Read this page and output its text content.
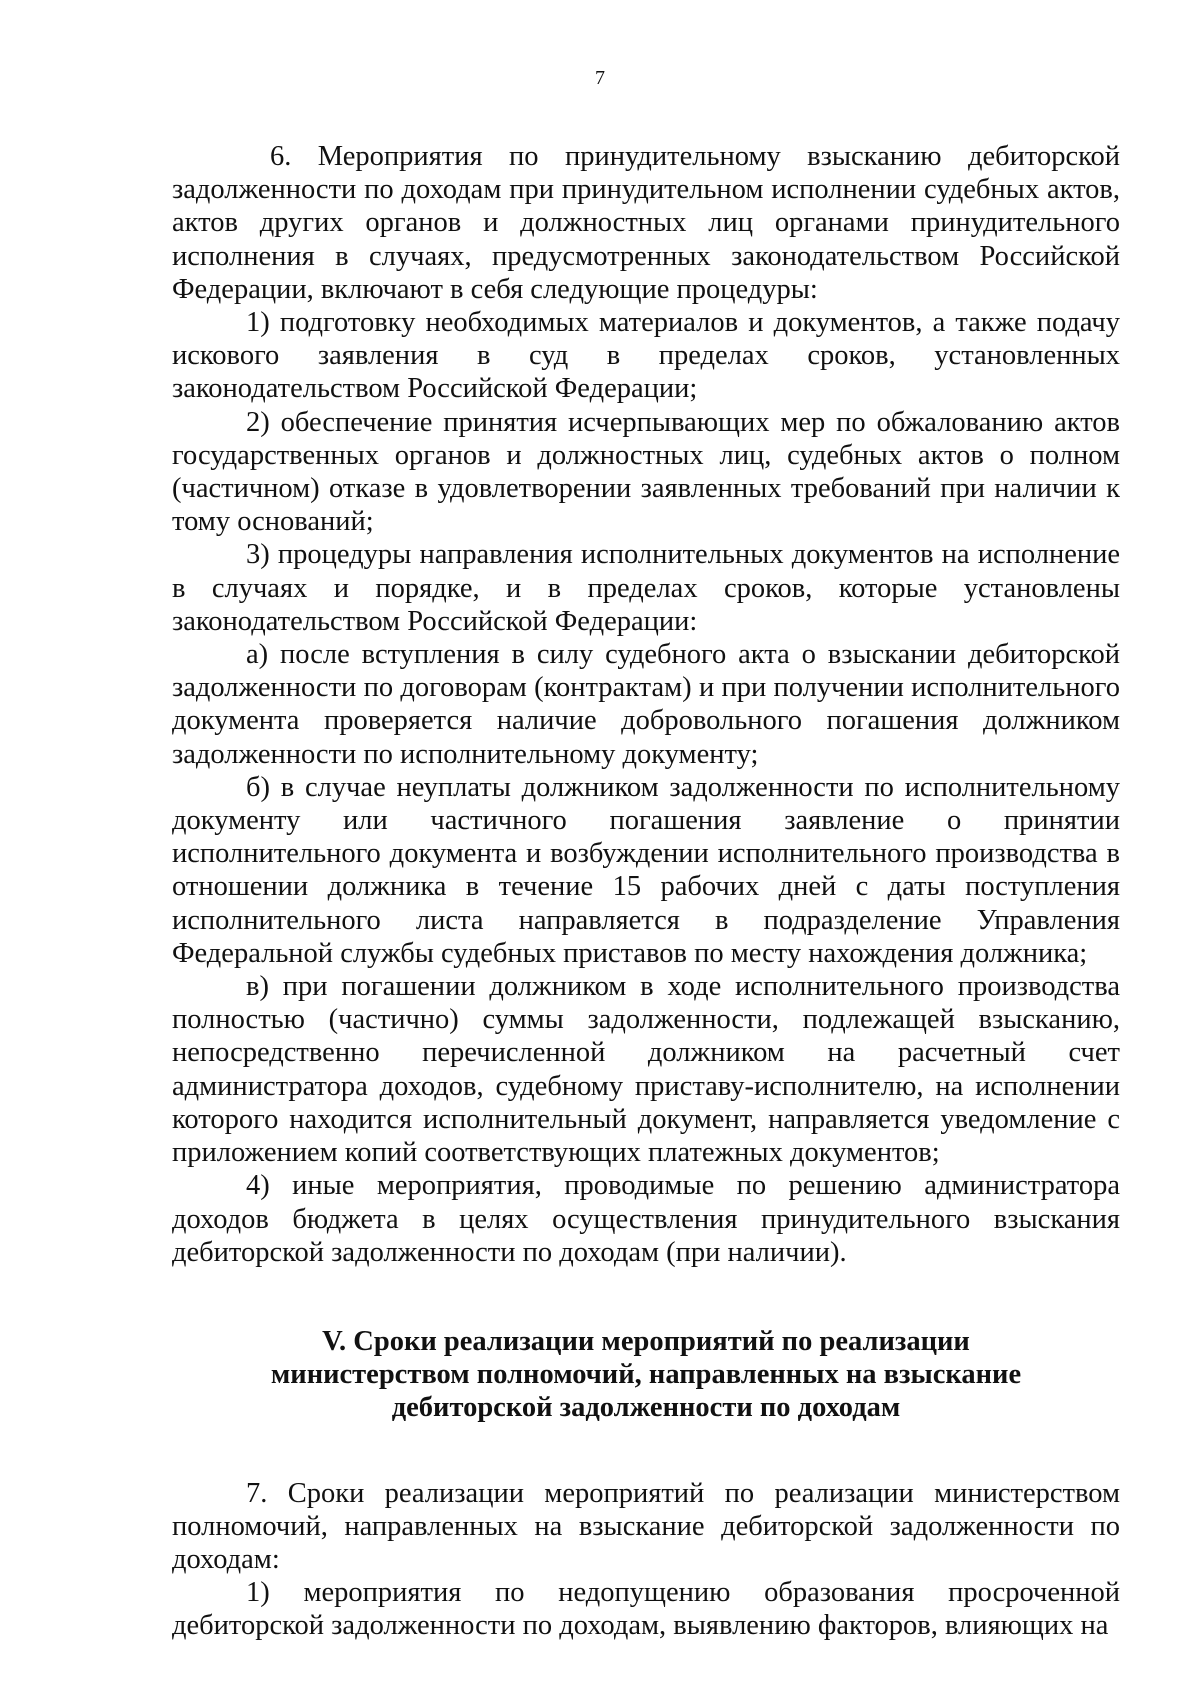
7

6. Мероприятия по принудительному взысканию дебиторской задолженности по доходам при принудительном исполнении судебных актов, актов других органов и должностных лиц органами принудительного исполнения в случаях, предусмотренных законодательством Российской Федерации, включают в себя следующие процедуры:

1) подготовку необходимых материалов и документов, а также подачу искового заявления в суд в пределах сроков, установленных законодательством Российской Федерации;

2) обеспечение принятия исчерпывающих мер по обжалованию актов государственных органов и должностных лиц, судебных актов о полном (частичном) отказе в удовлетворении заявленных требований при наличии к тому оснований;

3) процедуры направления исполнительных документов на исполнение в случаях и порядке, и в пределах сроков, которые установлены законодательством Российской Федерации:

а) после вступления в силу судебного акта о взыскании дебиторской задолженности по договорам (контрактам) и при получении исполнительного документа проверяется наличие добровольного погашения должником задолженности по исполнительному документу;

б) в случае неуплаты должником задолженности по исполнительному документу или частичного погашения заявление о принятии исполнительного документа и возбуждении исполнительного производства в отношении должника в течение 15 рабочих дней с даты поступления исполнительного листа направляется в подразделение Управления Федеральной службы судебных приставов по месту нахождения должника;

в) при погашении должником в ходе исполнительного производства полностью (частично) суммы задолженности, подлежащей взысканию, непосредственно перечисленной должником на расчетный счет администратора доходов, судебному приставу-исполнителю, на исполнении которого находится исполнительный документ, направляется уведомление с приложением копий соответствующих платежных документов;

4) иные мероприятия, проводимые по решению администратора доходов бюджета в целях осуществления принудительного взыскания дебиторской задолженности по доходам (при наличии).

V. Сроки реализации мероприятий по реализации
министерством полномочий, направленных на взыскание
дебиторской задолженности по доходам

7. Сроки реализации мероприятий по реализации министерством полномочий, направленных на взыскание дебиторской задолженности по доходам:

1) мероприятия по недопущению образования просроченной дебиторской задолженности по доходам, выявлению факторов, влияющих на
